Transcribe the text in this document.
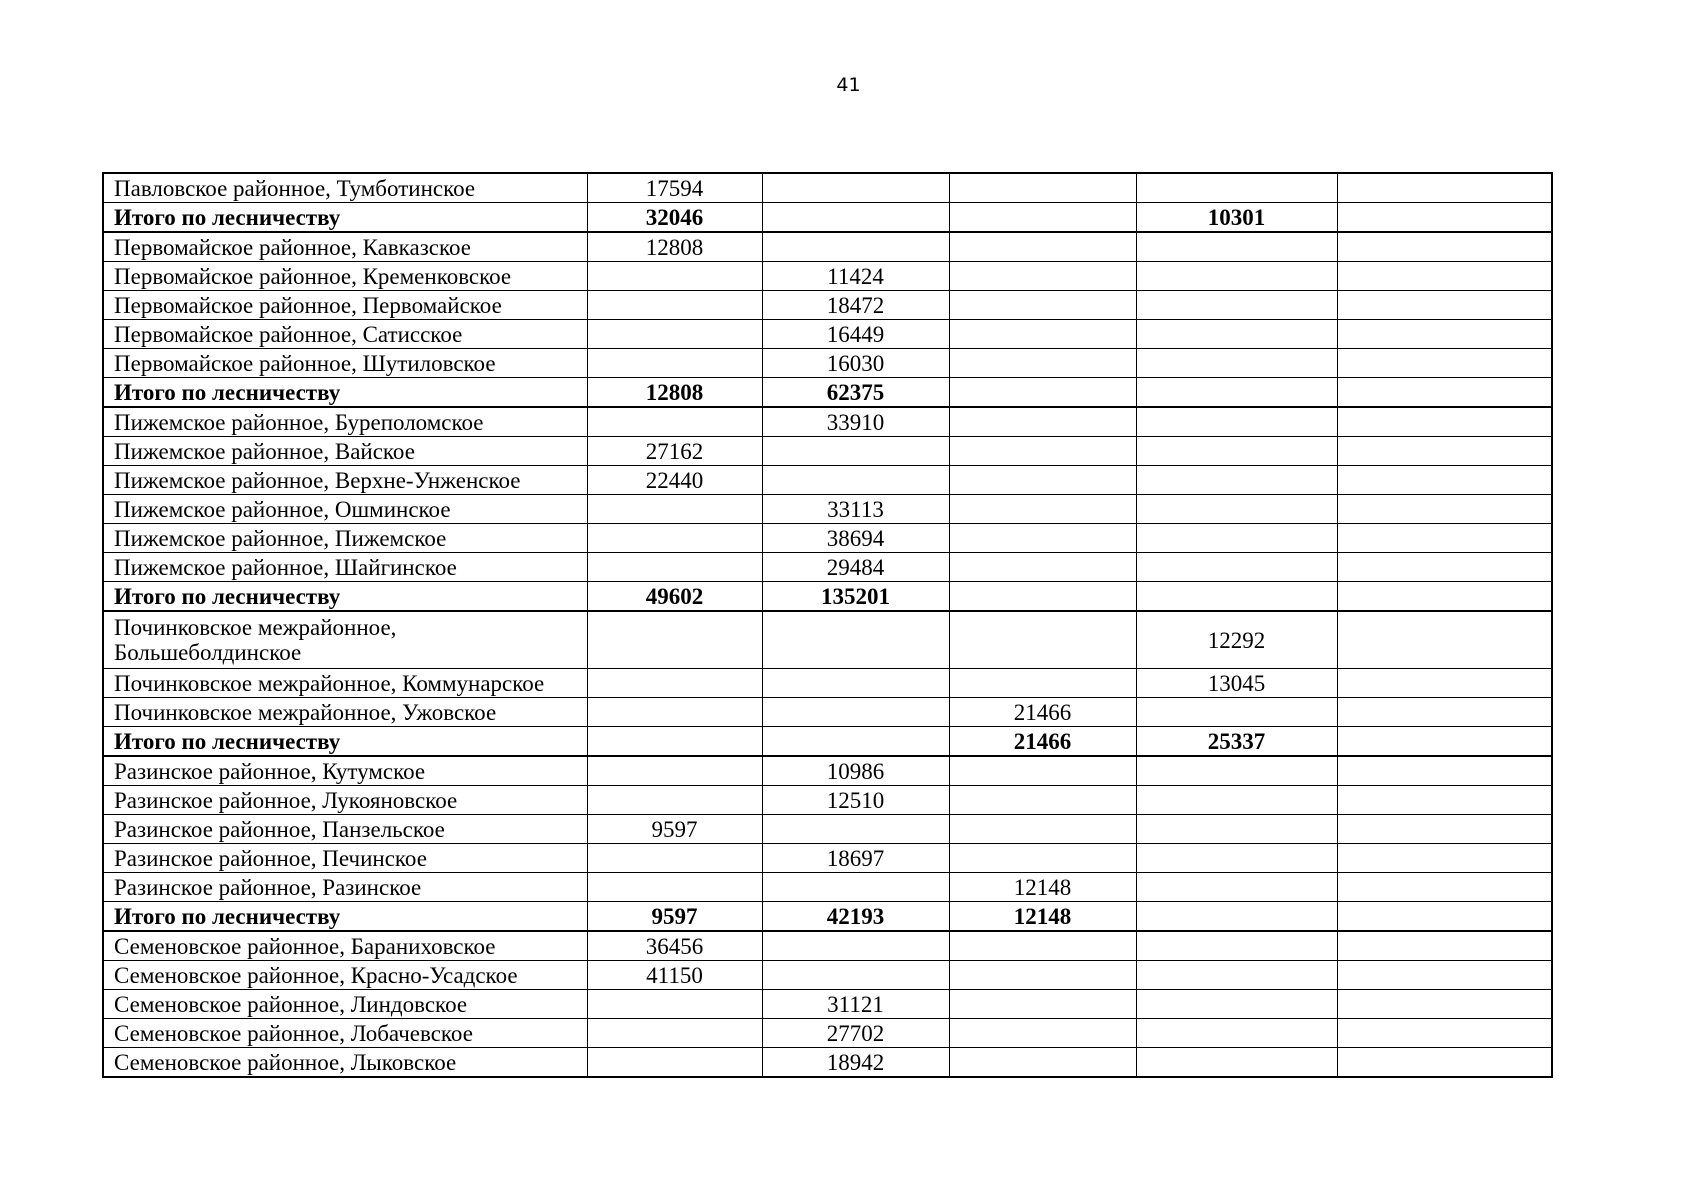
41
Павловское районное, Тумботинское	17594				
Итого по лесничеству	32046			10301	
Первомайское районное, Кавказское	12808				
Первомайское районное, Кременковское		11424			
Первомайское районное, Первомайское		18472			
Первомайское районное, Сатисское		16449			
Первомайское районное, Шутиловское		16030			
Итого по лесничеству	12808	62375			
Пижемское районное, Буреполомское		33910			
Пижемское районное, Вайское	27162				
Пижемское районное, Верхне-Унженское	22440				
Пижемское районное, Ошминское		33113			
Пижемское районное, Пижемское		38694			
Пижемское районное, Шайгинское		29484			
Итого по лесничеству	49602	135201			
Починковское межрайонное, Большеболдинское				12292	
Починковское межрайонное, Коммунарское				13045	
Починковское межрайонное, Ужовское			21466		
Итого по лесничеству			21466	25337	
Разинское районное, Кутумское		10986			
Разинское районное, Лукояновское		12510			
Разинское районное, Панзельское	9597				
Разинское районное, Печинское		18697			
Разинское районное, Разинское			12148		
Итого по лесничеству	9597	42193	12148		
Семеновское районное, Бараниховское	36456				
Семеновское районное, Красно-Усадское	41150				
Семеновское районное, Линдовское		31121			
Семеновское районное, Лобачевское		27702			
Семеновское районное, Лыковское		18942			
